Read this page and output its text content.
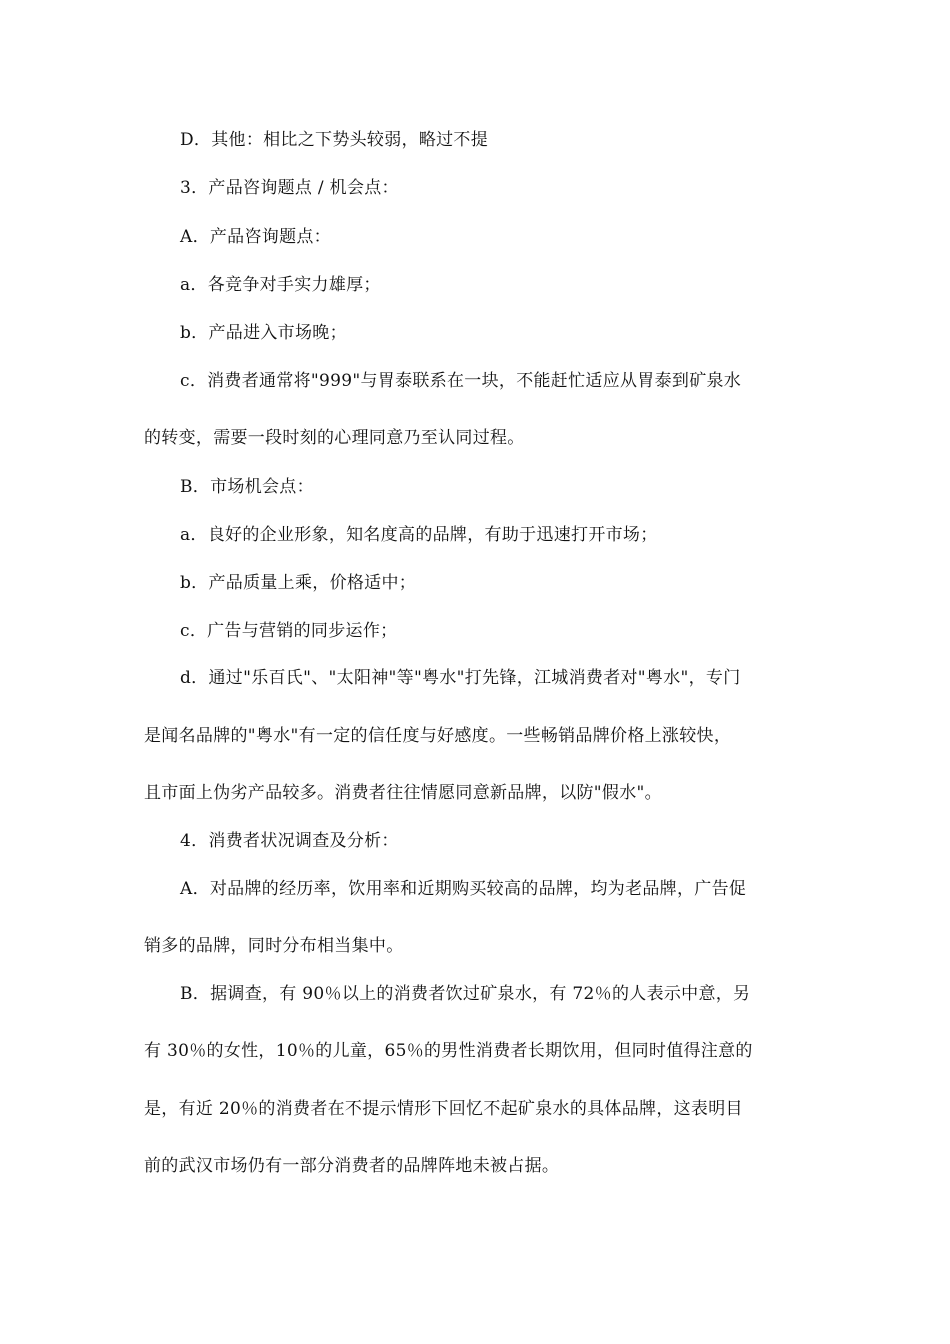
D．其他：相比之下势头较弱，略过不提
3．产品咨询题点 / 机会点：
A．产品咨询题点：
a．各竞争对手实力雄厚；
b．产品进入市场晚；
c．消费者通常将"999"与胃泰联系在一块，不能赶忙适应从胃泰到矿泉水
的转变，需要一段时刻的心理同意乃至认同过程。
B．市场机会点：
a．良好的企业形象，知名度高的品牌，有助于迅速打开市场；
b．产品质量上乘，价格适中；
c．广告与营销的同步运作；
d．通过"乐百氏"、"太阳神"等"粤水"打先锋，江城消费者对"粤水"，专门
是闻名品牌的"粤水"有一定的信任度与好感度。一些畅销品牌价格上涨较快，
且市面上伪劣产品较多。消费者往往情愿同意新品牌，以防"假水"。
4．消费者状况调查及分析：
A．对品牌的经历率，饮用率和近期购买较高的品牌，均为老品牌，广告促
销多的品牌，同时分布相当集中。
B．据调查，有 90％以上的消费者饮过矿泉水，有 72％的人表示中意，另
有 30％的女性，10％的儿童，65％的男性消费者长期饮用，但同时值得注意的
是，有近 20％的消费者在不提示情形下回忆不起矿泉水的具体品牌，这表明目
前的武汉市场仍有一部分消费者的品牌阵地未被占据。
